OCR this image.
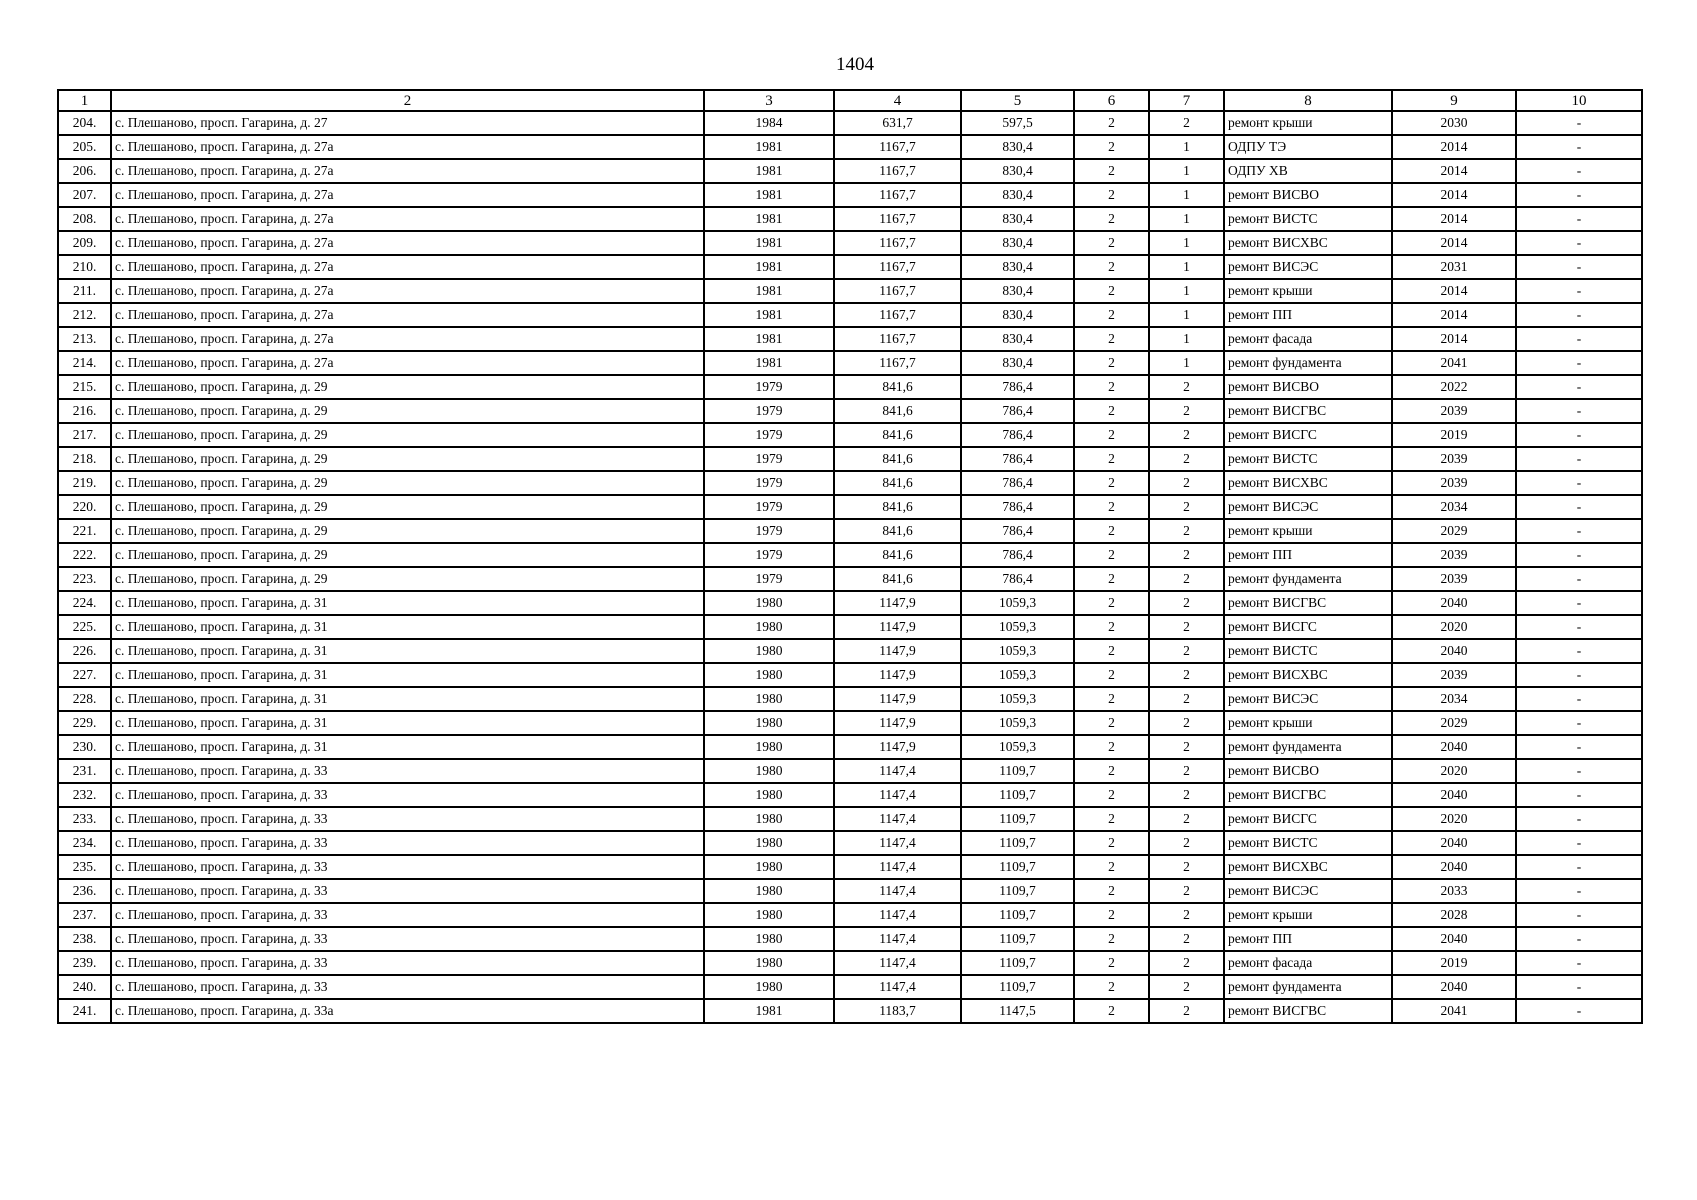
1404
1	2	3	4	5	6	7	8	9	10
204.	с. Плешаново, просп. Гагарина, д. 27	1984	631,7	597,5	2	2	ремонт крыши	2030	-
205.	с. Плешаново, просп. Гагарина, д. 27а	1981	1167,7	830,4	2	1	ОДПУ ТЭ	2014	-
206.	с. Плешаново, просп. Гагарина, д. 27а	1981	1167,7	830,4	2	1	ОДПУ ХВ	2014	-
207.	с. Плешаново, просп. Гагарина, д. 27а	1981	1167,7	830,4	2	1	ремонт ВИСВО	2014	-
208.	с. Плешаново, просп. Гагарина, д. 27а	1981	1167,7	830,4	2	1	ремонт ВИСТС	2014	-
209.	с. Плешаново, просп. Гагарина, д. 27а	1981	1167,7	830,4	2	1	ремонт ВИСХВС	2014	-
210.	с. Плешаново, просп. Гагарина, д. 27а	1981	1167,7	830,4	2	1	ремонт ВИСЭС	2031	-
211.	с. Плешаново, просп. Гагарина, д. 27а	1981	1167,7	830,4	2	1	ремонт крыши	2014	-
212.	с. Плешаново, просп. Гагарина, д. 27а	1981	1167,7	830,4	2	1	ремонт ПП	2014	-
213.	с. Плешаново, просп. Гагарина, д. 27а	1981	1167,7	830,4	2	1	ремонт фасада	2014	-
214.	с. Плешаново, просп. Гагарина, д. 27а	1981	1167,7	830,4	2	1	ремонт фундамента	2041	-
215.	с. Плешаново, просп. Гагарина, д. 29	1979	841,6	786,4	2	2	ремонт ВИСВО	2022	-
216.	с. Плешаново, просп. Гагарина, д. 29	1979	841,6	786,4	2	2	ремонт ВИСГВС	2039	-
217.	с. Плешаново, просп. Гагарина, д. 29	1979	841,6	786,4	2	2	ремонт ВИСГС	2019	-
218.	с. Плешаново, просп. Гагарина, д. 29	1979	841,6	786,4	2	2	ремонт ВИСТС	2039	-
219.	с. Плешаново, просп. Гагарина, д. 29	1979	841,6	786,4	2	2	ремонт ВИСХВС	2039	-
220.	с. Плешаново, просп. Гагарина, д. 29	1979	841,6	786,4	2	2	ремонт ВИСЭС	2034	-
221.	с. Плешаново, просп. Гагарина, д. 29	1979	841,6	786,4	2	2	ремонт крыши	2029	-
222.	с. Плешаново, просп. Гагарина, д. 29	1979	841,6	786,4	2	2	ремонт ПП	2039	-
223.	с. Плешаново, просп. Гагарина, д. 29	1979	841,6	786,4	2	2	ремонт фундамента	2039	-
224.	с. Плешаново, просп. Гагарина, д. 31	1980	1147,9	1059,3	2	2	ремонт ВИСГВС	2040	-
225.	с. Плешаново, просп. Гагарина, д. 31	1980	1147,9	1059,3	2	2	ремонт ВИСГС	2020	-
226.	с. Плешаново, просп. Гагарина, д. 31	1980	1147,9	1059,3	2	2	ремонт ВИСТС	2040	-
227.	с. Плешаново, просп. Гагарина, д. 31	1980	1147,9	1059,3	2	2	ремонт ВИСХВС	2039	-
228.	с. Плешаново, просп. Гагарина, д. 31	1980	1147,9	1059,3	2	2	ремонт ВИСЭС	2034	-
229.	с. Плешаново, просп. Гагарина, д. 31	1980	1147,9	1059,3	2	2	ремонт крыши	2029	-
230.	с. Плешаново, просп. Гагарина, д. 31	1980	1147,9	1059,3	2	2	ремонт фундамента	2040	-
231.	с. Плешаново, просп. Гагарина, д. 33	1980	1147,4	1109,7	2	2	ремонт ВИСВО	2020	-
232.	с. Плешаново, просп. Гагарина, д. 33	1980	1147,4	1109,7	2	2	ремонт ВИСГВС	2040	-
233.	с. Плешаново, просп. Гагарина, д. 33	1980	1147,4	1109,7	2	2	ремонт ВИСГС	2020	-
234.	с. Плешаново, просп. Гагарина, д. 33	1980	1147,4	1109,7	2	2	ремонт ВИСТС	2040	-
235.	с. Плешаново, просп. Гагарина, д. 33	1980	1147,4	1109,7	2	2	ремонт ВИСХВС	2040	-
236.	с. Плешаново, просп. Гагарина, д. 33	1980	1147,4	1109,7	2	2	ремонт ВИСЭС	2033	-
237.	с. Плешаново, просп. Гагарина, д. 33	1980	1147,4	1109,7	2	2	ремонт крыши	2028	-
238.	с. Плешаново, просп. Гагарина, д. 33	1980	1147,4	1109,7	2	2	ремонт ПП	2040	-
239.	с. Плешаново, просп. Гагарина, д. 33	1980	1147,4	1109,7	2	2	ремонт фасада	2019	-
240.	с. Плешаново, просп. Гагарина, д. 33	1980	1147,4	1109,7	2	2	ремонт фундамента	2040	-
241.	с. Плешаново, просп. Гагарина, д. 33а	1981	1183,7	1147,5	2	2	ремонт ВИСГВС	2041	-
